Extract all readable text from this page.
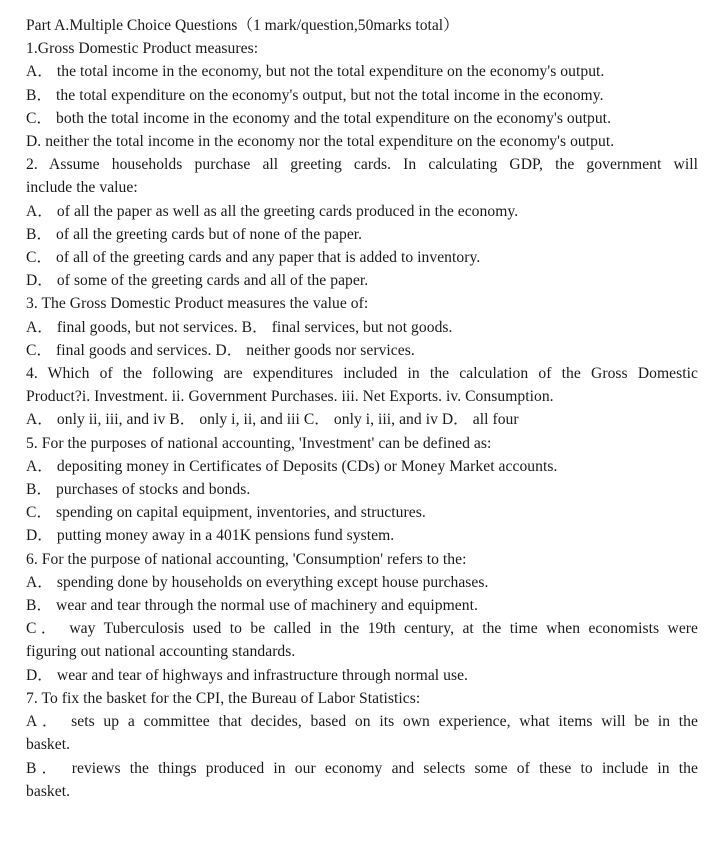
Part A.Multiple Choice Questions（1 mark/question,50marks total）
1.Gross Domestic Product measures:
A． the total income in the economy, but not the total expenditure on the economy's output.
B． the total expenditure on the economy's output, but not the total income in the economy.
C． both the total income in the economy and the total expenditure on the economy's output.
D. neither the total income in the economy nor the total expenditure on the economy's output.
2. Assume households purchase all greeting cards. In calculating GDP, the government will
include the value:
A． of all the paper as well as all the greeting cards produced in the economy.
B． of all the greeting cards but of none of the paper.
C． of all of the greeting cards and any paper that is added to inventory.
D． of some of the greeting cards and all of the paper.
3. The Gross Domestic Product measures the value of:
A． final goods, but not services. B． final services, but not goods.
C． final goods and services. D． neither goods nor services.
4. Which of the following are expenditures included in the calculation of the Gross Domestic
Product?i. Investment. ii. Government Purchases. iii. Net Exports. iv. Consumption.
A． only ii, iii, and iv B． only i, ii, and iii C． only i, iii, and iv D． all four
5. For the purposes of national accounting, 'Investment' can be defined as:
A． depositing money in Certificates of Deposits (CDs) or Money Market accounts.
B． purchases of stocks and bonds.
C． spending on capital equipment, inventories, and structures.
D． putting money away in a 401K pensions fund system.
6. For the purpose of national accounting, 'Consumption' refers to the:
A． spending done by households on everything except house purchases.
B． wear and tear through the normal use of machinery and equipment.
C． way Tuberculosis used to be called in the 19th century, at the time when economists were
figuring out national accounting standards.
D． wear and tear of highways and infrastructure through normal use.
7. To fix the basket for the CPI, the Bureau of Labor Statistics:
A． sets up a committee that decides, based on its own experience, what items will be in the
basket.
B． reviews the things produced in our economy and selects some of these to include in the
basket.
